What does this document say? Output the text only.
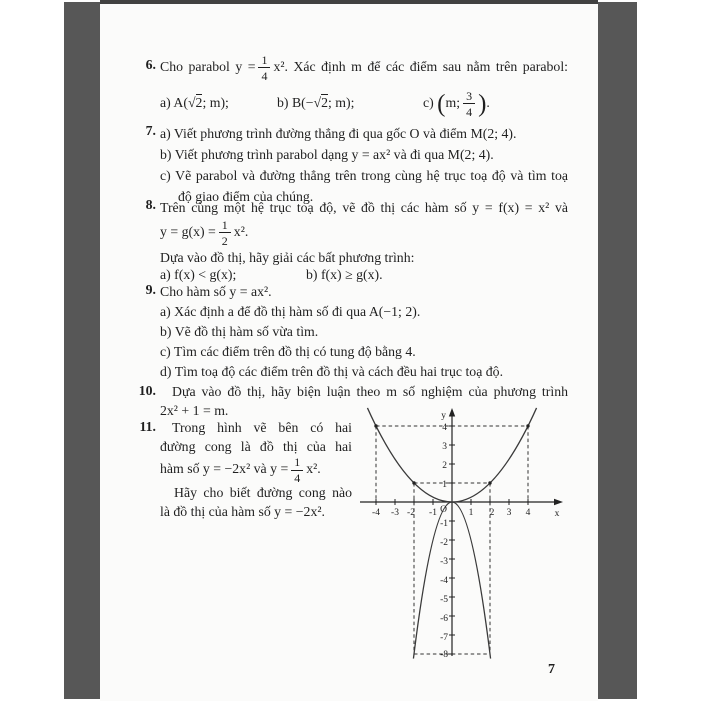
6. Cho parabol $y = \frac{1}{4} x^2$. Xác định m để các điểm sau nằm trên parabol:
a) A(√2; m);	b) B(−√2; m);	c) (m; $\frac{3}{4}$ ).
7. a) Viết phương trình đường thẳng đi qua gốc O và điểm M(2; 4).
b) Viết phương trình parabol dạng y = ax² và đi qua M(2; 4).
c) Vẽ parabol và đường thẳng trên trong cùng hệ trục toạ độ và tìm toạ
độ giao điểm của chúng.
8. Trên cùng một hệ trục toạ độ, vẽ đồ thị các hàm số y = f(x) = x² và
$y = g(x) = \frac{1}{2} x^2$.
Dựa vào đồ thị, hãy giải các bất phương trình:
a) f(x) < g(x);	b) f(x) ≥ g(x).
9. Cho hàm số y = ax².
a) Xác định a để đồ thị hàm số đi qua A(−1; 2).
b) Vẽ đồ thị hàm số vừa tìm.
c) Tìm các điểm trên đồ thị có tung độ bằng 4.
d) Tìm toạ độ các điểm trên đồ thị và cách đều hai trục toạ độ.
10.	Dựa vào đồ thị, hãy biện luận theo m số nghiệm của phương trình
2x² + 1 = m.
11.	Trong hình vẽ bên có hai
đường cong là đồ thị của hai
hàm số y = −2x² và $y = \frac{1}{4} x^2$.
Hãy cho biết đường cong nào
là đồ thị của hàm số y = −2x².	-4 -3 -2 -1	1 2 3 4
4
3
2
1
-1
-2
-3
-4
-5
-6
-7
-8
O	x
y
7
